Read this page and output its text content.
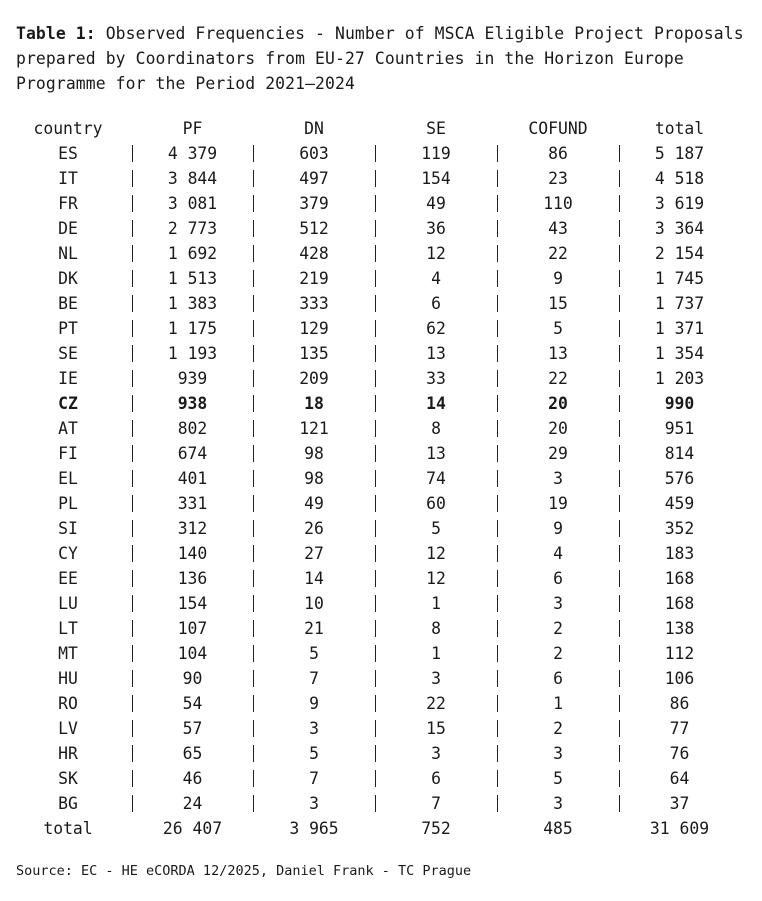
Table 1: Observed Frequencies - Number of MSCA Eligible Project Proposals prepared by Coordinators from EU-27 Countries in the Horizon Europe Programme for the Period 2021–2024
country	PF	DN	SE	COFUND	total
ES	4 379	603	119	86	5 187
IT	3 844	497	154	23	4 518
FR	3 081	379	49	110	3 619
DE	2 773	512	36	43	3 364
NL	1 692	428	12	22	2 154
DK	1 513	219	4	9	1 745
BE	1 383	333	6	15	1 737
PT	1 175	129	62	5	1 371
SE	1 193	135	13	13	1 354
IE	939	209	33	22	1 203
CZ	938	18	14	20	990
AT	802	121	8	20	951
FI	674	98	13	29	814
EL	401	98	74	3	576
PL	331	49	60	19	459
SI	312	26	5	9	352
CY	140	27	12	4	183
EE	136	14	12	6	168
LU	154	10	1	3	168
LT	107	21	8	2	138
MT	104	5	1	2	112
HU	90	7	3	6	106
RO	54	9	22	1	86
LV	57	3	15	2	77
HR	65	5	3	3	76
SK	46	7	6	5	64
BG	24	3	7	3	37
total	26 407	3 965	752	485	31 609
Source: EC - HE eCORDA 12/2025, Daniel Frank - TC Prague
